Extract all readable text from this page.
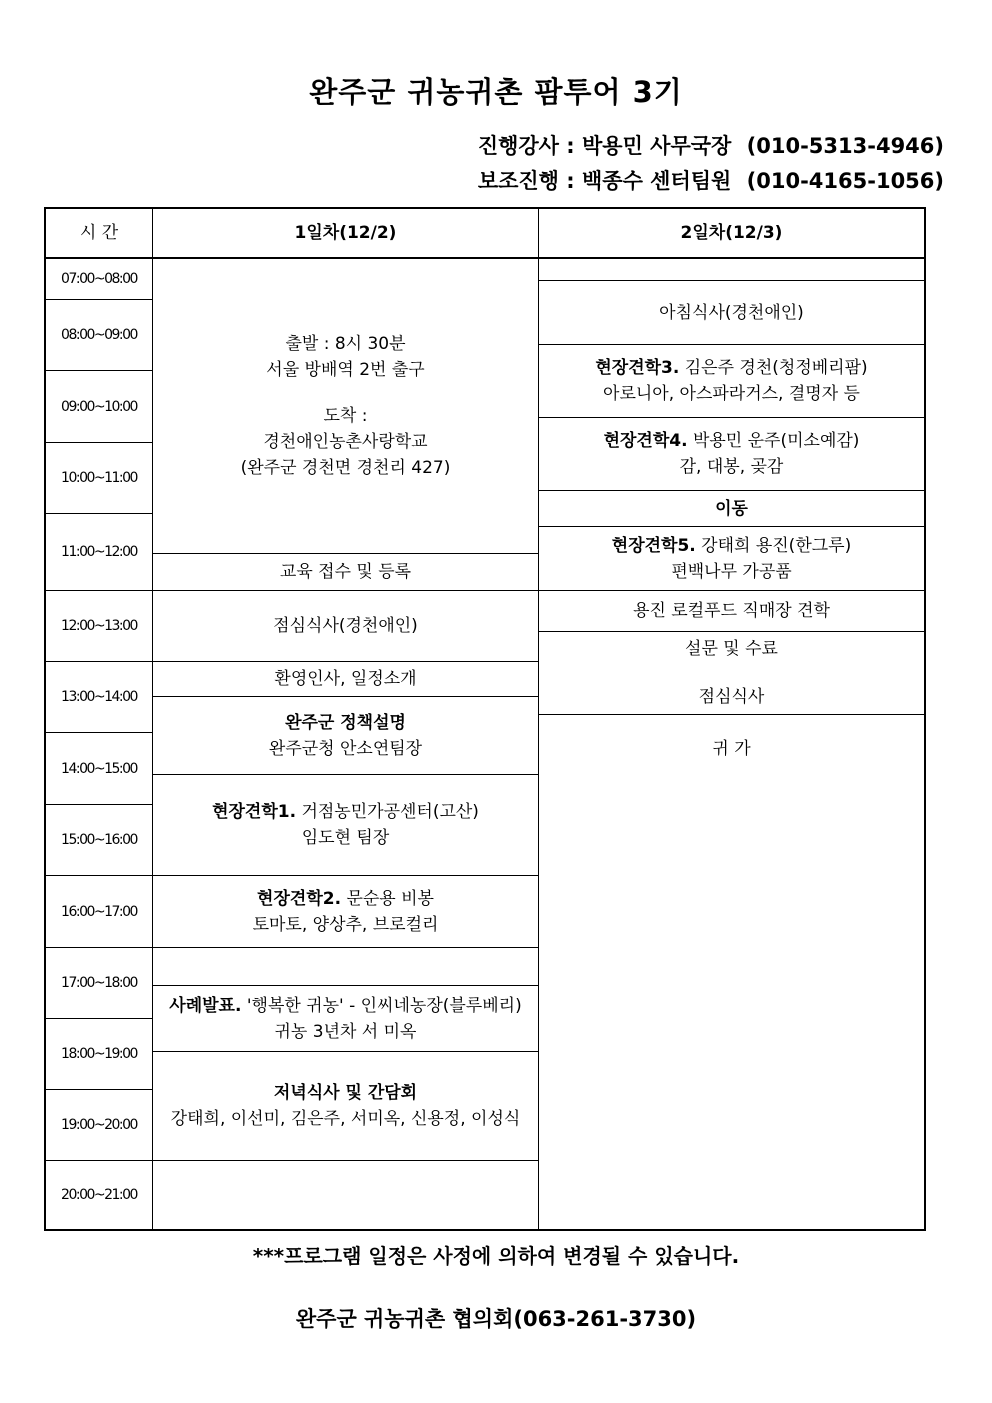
완주군 귀농귀촌 팜투어 3기
진행강사 : 박용민 사무국장 (010-5313-4946)
보조진행 : 백종수 센터팀원 (010-4165-1056)
시 간	1일차(12/2)	2일차(12/3)
07:00~08:00
08:00~09:00
09:00~10:00
10:00~11:00
11:00~12:00
12:00~13:00
13:00~14:00
14:00~15:00
15:00~16:00
16:00~17:00
17:00~18:00
18:00~19:00
19:00~20:00
20:00~21:00
출발 : 8시 30분
서울 방배역 2번 출구
도착 :
경천애인농촌사랑학교
(완주군 경천면 경천리 427)
교육 접수 및 등록
점심식사(경천애인)
환영인사, 일정소개
완주군 정책설명
완주군청 안소연팀장
현장견학1. 거점농민가공센터(고산)
임도현 팀장
현장견학2. 문순용 비봉
토마토, 양상추, 브로컬리
사례발표. '행복한 귀농' - 인씨네농장(블루베리)
귀농 3년차 서 미옥
저녁식사 및 간담회
강태희, 이선미, 김은주, 서미옥, 신용정, 이성식
아침식사(경천애인)
현장견학3. 김은주 경천(청정베리팜)
아로니아, 아스파라거스, 결명자 등
현장견학4. 박용민 운주(미소예감)
감, 대봉, 곶감
이동
현장견학5. 강태희 용진(한그루)
편백나무 가공품
용진 로컬푸드 직매장 견학
설문 및 수료
점심식사
귀 가
***프로그램 일정은 사정에 의하여 변경될 수 있습니다.
완주군 귀농귀촌 협의회(063-261-3730)
